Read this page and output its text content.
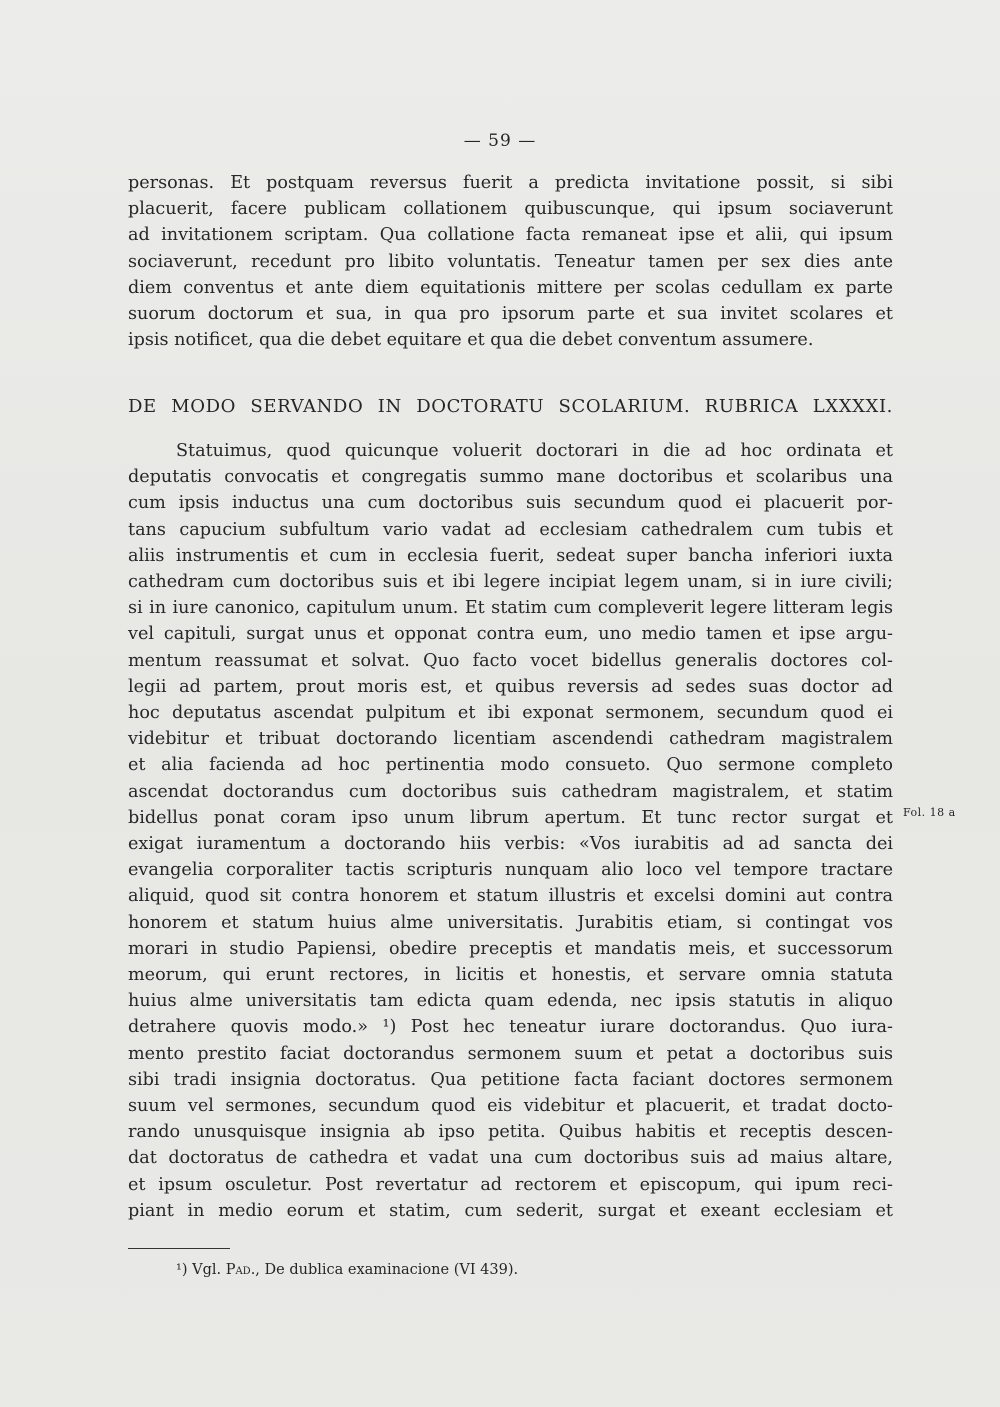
— 59 —
personas. Et postquam reversus fuerit a predicta invitatione possit, si sibi
placuerit, facere publicam collationem quibuscunque, qui ipsum sociaverunt
ad invitationem scriptam. Qua collatione facta remaneat ipse et alii, qui ipsum
sociaverunt, recedunt pro libito voluntatis. Teneatur tamen per sex dies ante
diem conventus et ante diem equitationis mittere per scolas cedullam ex parte
suorum doctorum et sua, in qua pro ipsorum parte et sua invitet scolares et
ipsis notificet, qua die debet equitare et qua die debet conventum assumere.
DE MODO SERVANDO IN DOCTORATU SCOLARIUM. RUBRICA LXXXXI.
Statuimus, quod quicunque voluerit doctorari in die ad hoc ordinata et
deputatis convocatis et congregatis summo mane doctoribus et scolaribus una
cum ipsis inductus una cum doctoribus suis secundum quod ei placuerit por-
tans capucium subfultum vario vadat ad ecclesiam cathedralem cum tubis et
aliis instrumentis et cum in ecclesia fuerit, sedeat super bancha inferiori iuxta
cathedram cum doctoribus suis et ibi legere incipiat legem unam, si in iure civili;
si in iure canonico, capitulum unum. Et statim cum compleverit legere litteram legis
vel capituli, surgat unus et opponat contra eum, uno medio tamen et ipse argu-
mentum reassumat et solvat. Quo facto vocet bidellus generalis doctores col-
legii ad partem, prout moris est, et quibus reversis ad sedes suas doctor ad
hoc deputatus ascendat pulpitum et ibi exponat sermonem, secundum quod ei
videbitur et tribuat doctorando licentiam ascendendi cathedram magistralem
et alia facienda ad hoc pertinentia modo consueto. Quo sermone completo
ascendat doctorandus cum doctoribus suis cathedram magistralem, et statim
bidellus ponat coram ipso unum librum apertum. Et tunc rector surgat et
exigat iuramentum a doctorando hiis verbis: «Vos iurabitis ad ad sancta dei
evangelia corporaliter tactis scripturis nunquam alio loco vel tempore tractare
aliquid, quod sit contra honorem et statum illustris et excelsi domini aut contra
honorem et statum huius alme universitatis. Jurabitis etiam, si contingat vos
morari in studio Papiensi, obedire preceptis et mandatis meis, et successorum
meorum, qui erunt rectores, in licitis et honestis, et servare omnia statuta
huius alme universitatis tam edicta quam edenda, nec ipsis statutis in aliquo
detrahere quovis modo.» ¹) Post hec teneatur iurare doctorandus. Quo iura-
mento prestito faciat doctorandus sermonem suum et petat a doctoribus suis
sibi tradi insignia doctoratus. Qua petitione facta faciant doctores sermonem
suum vel sermones, secundum quod eis videbitur et placuerit, et tradat docto-
rando unusquisque insignia ab ipso petita. Quibus habitis et receptis descen-
dat doctoratus de cathedra et vadat una cum doctoribus suis ad maius altare,
et ipsum osculetur. Post revertatur ad rectorem et episcopum, qui ipum reci-
piant in medio eorum et statim, cum sederit, surgat et exeant ecclesiam et
Fol. 18 a
¹) Vgl. Pad., De dublica examinacione (VI 439).
